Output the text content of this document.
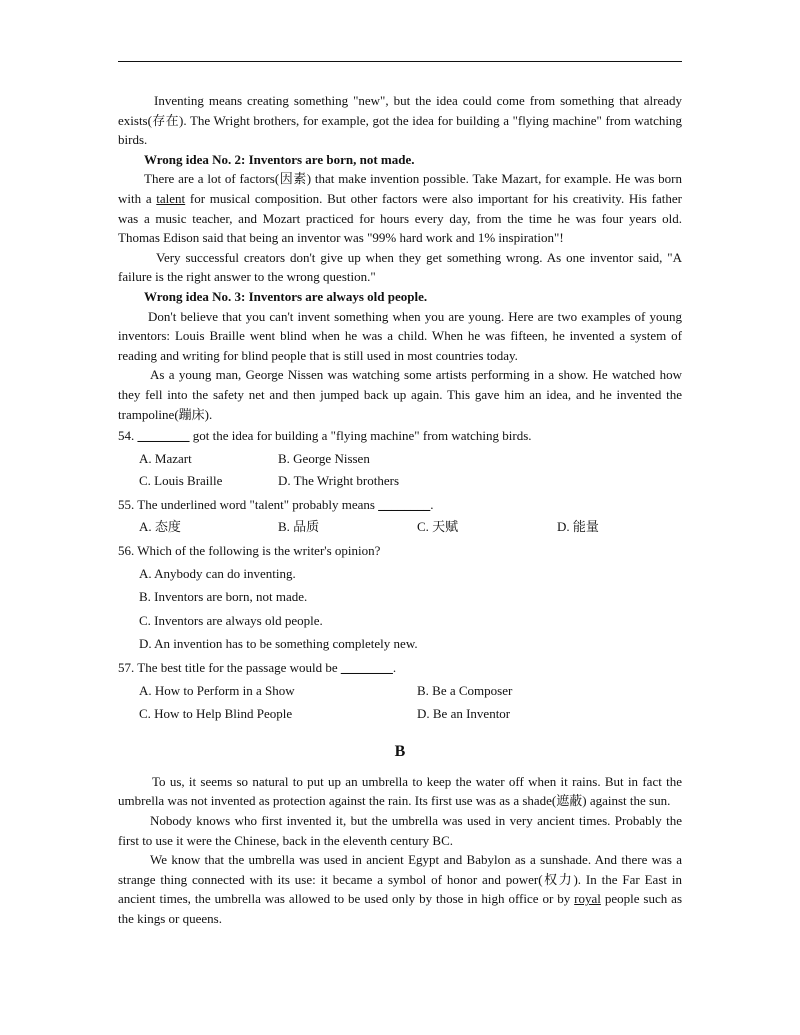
Inventing means creating something "new", but the idea could come from something that already exists(存在). The Wright brothers, for example, got the idea for building a "flying machine" from watching birds.

Wrong idea No. 2: Inventors are born, not made.

There are a lot of factors(因素) that make invention possible. Take Mazart, for example. He was born with a talent for musical composition. But other factors were also important for his creativity. His father was a music teacher, and Mozart practiced for hours every day, from the time he was four years old. Thomas Edison said that being an inventor was "99% hard work and 1% inspiration"!

Very successful creators don't give up when they get something wrong. As one inventor said, "A failure is the right answer to the wrong question."

Wrong idea No. 3: Inventors are always old people.

Don't believe that you can't invent something when you are young. Here are two examples of young inventors: Louis Braille went blind when he was a child. When he was fifteen, he invented a system of reading and writing for blind people that is still used in most countries today.

As a young man, George Nissen was watching some artists performing in a show. He watched how they fell into the safety net and then jumped back up again. This gave him an idea, and he invented the trampoline(蹦床).

54. ________ got the idea for building a "flying machine" from watching birds.

A. Mazart	B. George Nissen
C. Louis Braille	D. The Wright brothers

55. The underlined word "talent" probably means ________.

A. 态度	B. 品质	C. 天赋	D. 能量

56. Which of the following is the writer's opinion?

A. Anybody can do inventing.
B. Inventors are born, not made.
C. Inventors are always old people.
D. An invention has to be something completely new.

57. The best title for the passage would be ________.

A. How to Perform in a Show	B. Be a Composer
C. How to Help Blind People	D. Be an Inventor
B

To us, it seems so natural to put up an umbrella to keep the water off when it rains. But in fact the umbrella was not invented as protection against the rain. Its first use was as a shade(遮蔽) against the sun.

Nobody knows who first invented it, but the umbrella was used in very ancient times. Probably the first to use it were the Chinese, back in the eleventh century BC.

We know that the umbrella was used in ancient Egypt and Babylon as a sunshade. And there was a strange thing connected with its use: it became a symbol of honor and power(权力). In the Far East in ancient times, the umbrella was allowed to be used only by those in high office or by royal people such as the kings or queens.
